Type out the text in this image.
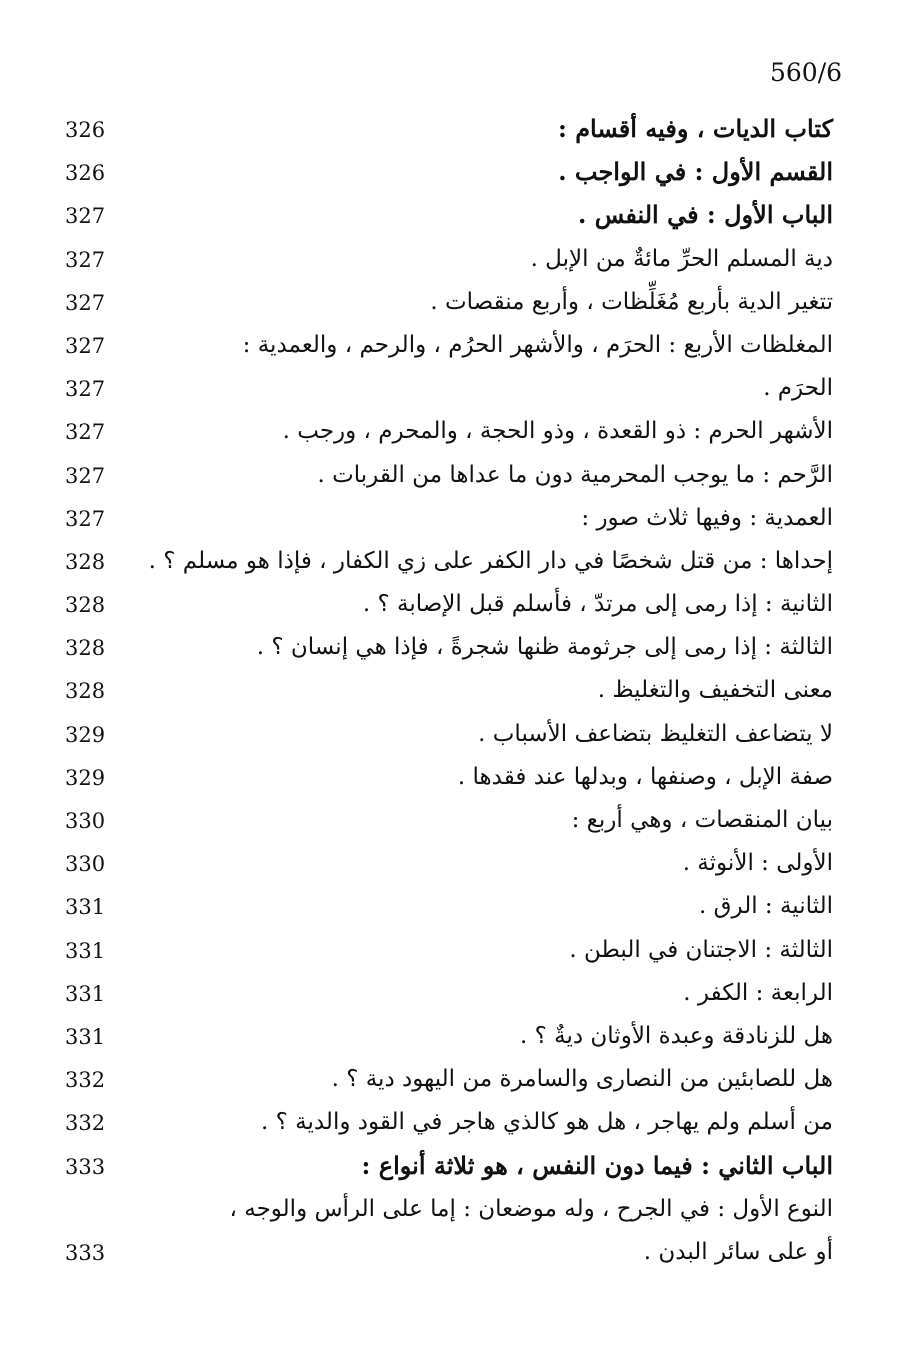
560/6
كتاب الديات ، وفيه أقسام :
326
القسم الأول : في الواجب .
326
الباب الأول : في النفس .
327
دية المسلم الحرِّ مائةٌ من الإبل .
327
تتغير الدية بأربع مُغَلِّظات ، وأربع منقصات .
327
المغلظات الأربع : الحرَم ، والأشهر الحرُم ، والرحم ، والعمدية :
327
الحرَم .
327
الأشهر الحرم : ذو القعدة ، وذو الحجة ، والمحرم ، ورجب .
327
الرَّحم : ما يوجب المحرمية دون ما عداها من القربات .
327
العمدية : وفيها ثلاث صور :
327
إحداها : من قتل شخصًا في دار الكفر على زي الكفار ، فإذا هو مسلم ؟ .
328
الثانية : إذا رمى إلى مرتدّ ، فأسلم قبل الإصابة ؟ .
328
الثالثة : إذا رمى إلى جرثومة ظنها شجرةً ، فإذا هي إنسان ؟ .
328
معنى التخفيف والتغليظ .
328
لا يتضاعف التغليظ بتضاعف الأسباب .
329
صفة الإبل ، وصنفها ، وبدلها عند فقدها .
329
بيان المنقصات ، وهي أربع :
330
الأولى : الأنوثة .
330
الثانية : الرق .
331
الثالثة : الاجتنان في البطن .
331
الرابعة : الكفر .
331
هل للزنادقة وعبدة الأوثان ديةٌ ؟ .
331
هل للصابئين من النصارى والسامرة من اليهود دية ؟ .
332
من أسلم ولم يهاجر ، هل هو كالذي هاجر في القود والدية ؟ .
332
الباب الثاني : فيما دون النفس ، هو ثلاثة أنواع :
333
النوع الأول : في الجرح ، وله موضعان : إما على الرأس والوجه ،
أو على سائر البدن .
333
